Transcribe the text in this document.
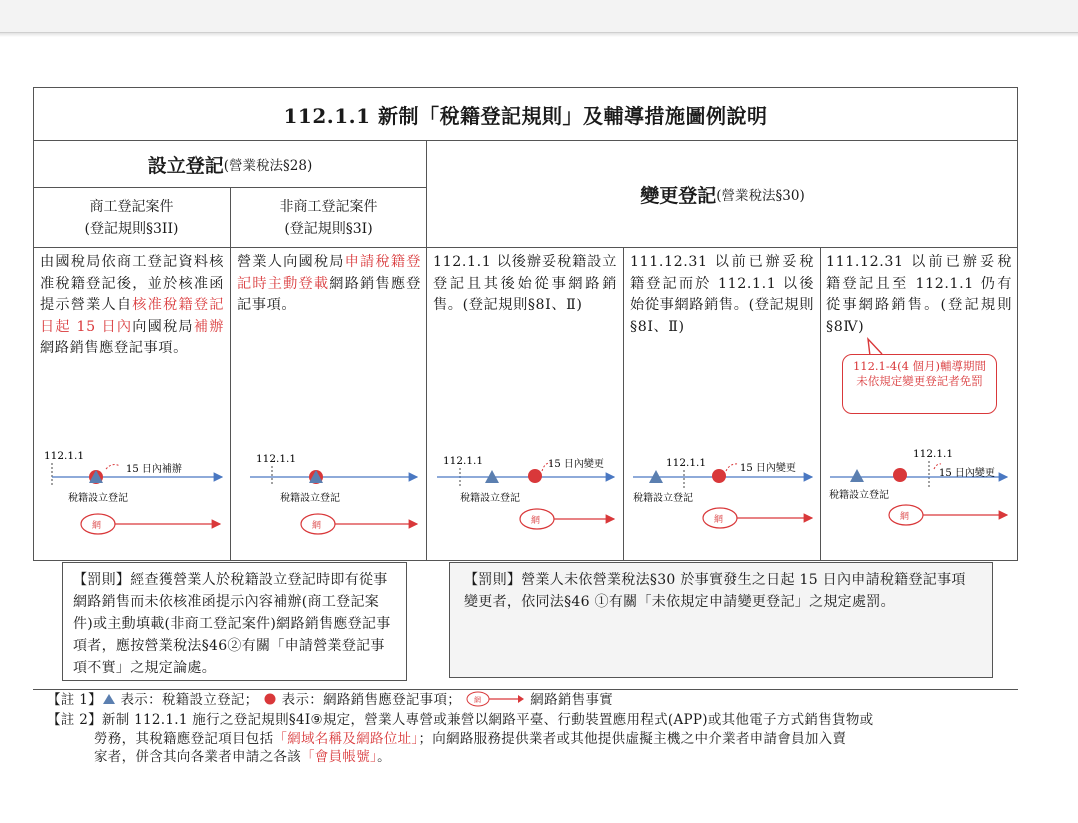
112.1.1 新制「稅籍登記規則」及輔導措施圖例說明
設立登記 (營業稅法§28)
變更登記 (營業稅法§30)
商工登記案件
(登記規則§3II)
非商工登記案件
(登記規則§3I)
由國稅局依商工登記資料核准稅籍登記後，並於核准函提示營業人自核准稅籍登記日起 15 日內向國稅局補辦網路銷售應登記事項。
營業人向國稅局申請稅籍登記時主動登載網路銷售應登記事項。
112.1.1 以後辦妥稅籍設立登記且其後始從事網路銷售。(登記規則§8Ⅰ、Ⅱ)
111.12.31 以前已辦妥稅籍登記而於 112.1.1 以後始從事網路銷售。(登記規則§8Ⅰ、Ⅱ)
111.12.31 以前已辦妥稅籍登記且至 112.1.1 仍有從事網路銷售。(登記規則§8Ⅳ)
112.1-4(4 個月)輔導期間未依規定變更登記者免罰
112.1.1
15 日內補辦
稅籍設立登記
網
112.1.1
稅籍設立登記
網
112.1.1	15 日內變更
稅籍設立登記
網
112.1.1	15 日內變更
稅籍設立登記
網
112.1.1
15 日內變更
稅籍設立登記
網
【罰則】經查獲營業人於稅籍設立登記時即有從事網路銷售而未依核准函提示內容補辦(商工登記案件)或主動填載(非商工登記案件)網路銷售應登記事項者，應按營業稅法§46②有關「申請營業登記事項不實」之規定論處。
【罰則】營業人未依營業稅法§30 於事實發生之日起 15 日內申請稅籍登記事項變更者，依同法§46 ①有關「未依規定申請變更登記」之規定處罰。
【註 1】 表示：稅籍設立登記； 表示：網路銷售應登記事項； 網	網路銷售事實
【註 2】新制 112.1.1 施行之登記規則§4I⑨規定，營業人專營或兼營以網路平臺、行動裝置應用程式(APP)或其他電子方式銷售貨物或
勞務，其稅籍應登記項目包括「網域名稱及網路位址」；向網路服務提供業者或其他提供虛擬主機之中介業者申請會員加入賣
家者，併含其向各業者申請之各該「會員帳號」。
